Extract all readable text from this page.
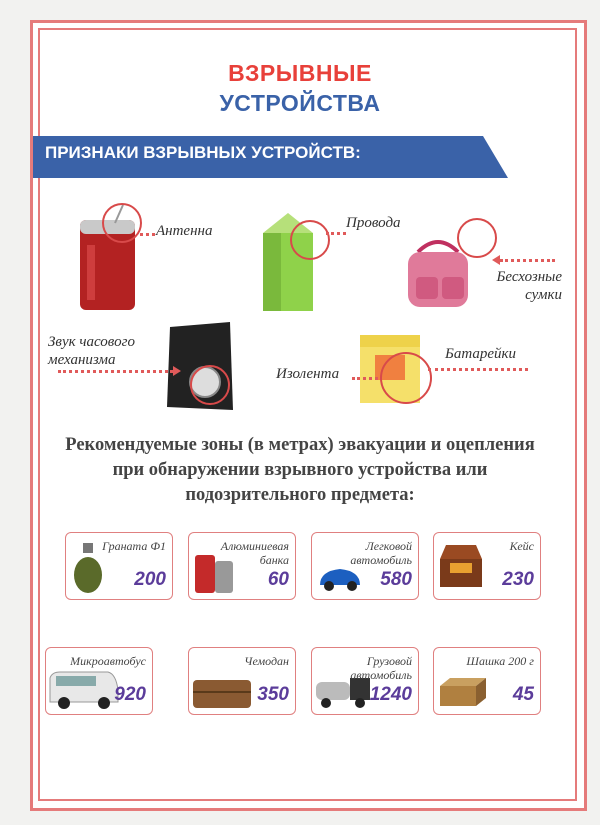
ВЗРЫВНЫЕ
УСТРОЙСТВА
ПРИЗНАКИ ВЗРЫВНЫХ УСТРОЙСТВ:
Антенна	Провода
Бесхозные сумки
Звук часового механизма
Изолента
Батарейки
Рекомендуемые зоны (в метрах) эвакуации и оцепления при обнаружении взрывного устройства или подозрительного предмета:
Граната Ф1
200
Алюминиевая банка
60
Легковой автомобиль
580
Кейс
230
Микроавтобус
920
Чемодан
350
Грузовой автомобиль
1240
Шашка 200 г
45
